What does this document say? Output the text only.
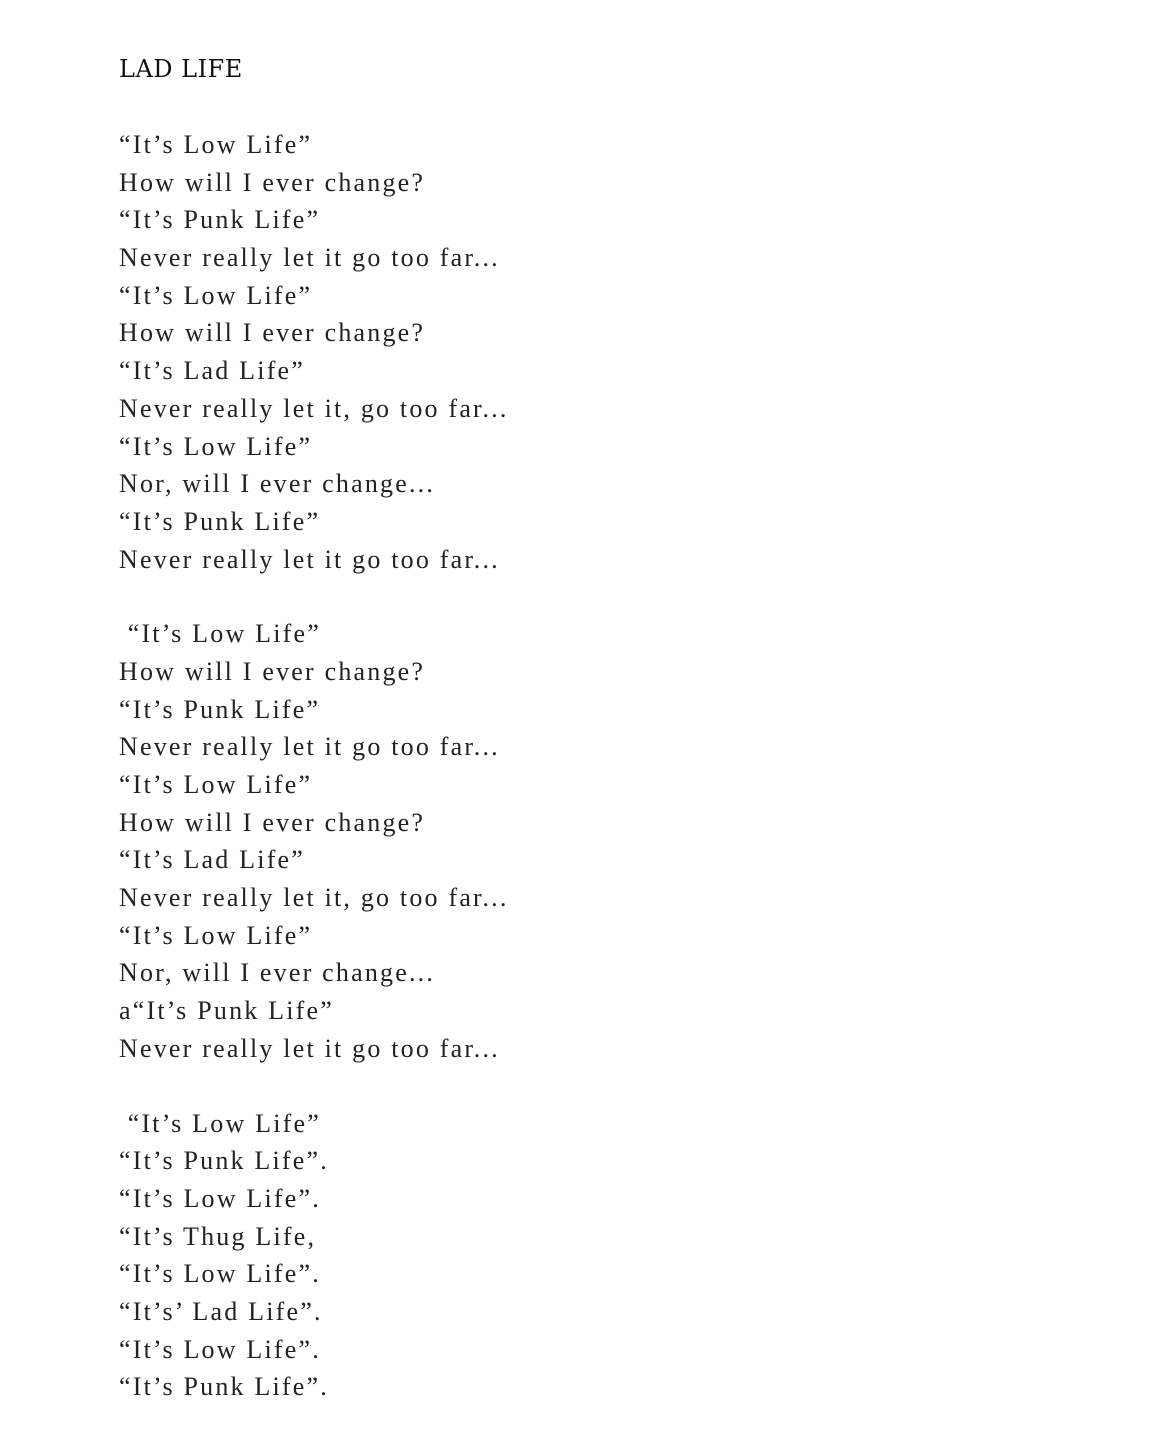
LAD LIFE
“It’s Low Life”
How will I ever change?
“It’s Punk Life”
Never really let it go too far...
“It’s Low Life”
How will I ever change?
“It’s Lad Life”
Never really let it, go too far...
“It’s Low Life”
Nor, will I ever change...
“It’s Punk Life”
Never really let it go too far...
“It’s Low Life”
How will I ever change?
“It’s Punk Life”
Never really let it go too far...
“It’s Low Life”
How will I ever change?
“It’s Lad Life”
Never really let it, go too far...
“It’s Low Life”
Nor, will I ever change...
a“It’s Punk Life”
Never really let it go too far...
“It’s Low Life”
“It’s Punk Life”.
“It’s Low Life”.
“It’s Thug Life,
“It’s Low Life”.
“It’s’ Lad Life”.
“It’s Low Life”.
“It’s Punk Life”.
